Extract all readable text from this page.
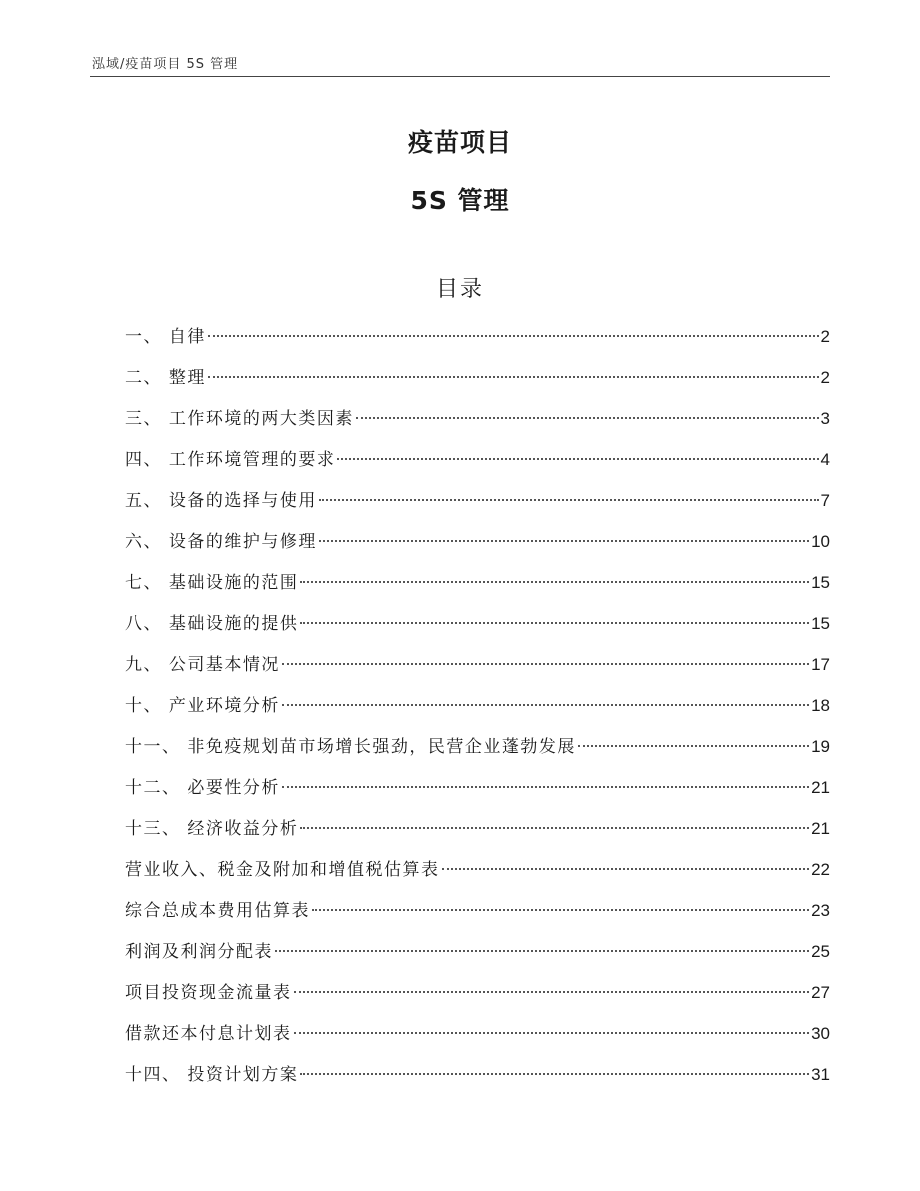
泓域/疫苗项目 5S 管理
疫苗项目
5S 管理
目录
一、 自律	2
二、 整理	2
三、 工作环境的两大类因素	3
四、 工作环境管理的要求	4
五、 设备的选择与使用	7
六、 设备的维护与修理	10
七、 基础设施的范围	15
八、 基础设施的提供	15
九、 公司基本情况	17
十、 产业环境分析	18
十一、 非免疫规划苗市场增长强劲，民营企业蓬勃发展	19
十二、 必要性分析	21
十三、 经济收益分析	21
营业收入、税金及附加和增值税估算表	22
综合总成本费用估算表	23
利润及利润分配表	25
项目投资现金流量表	27
借款还本付息计划表	30
十四、 投资计划方案	31
